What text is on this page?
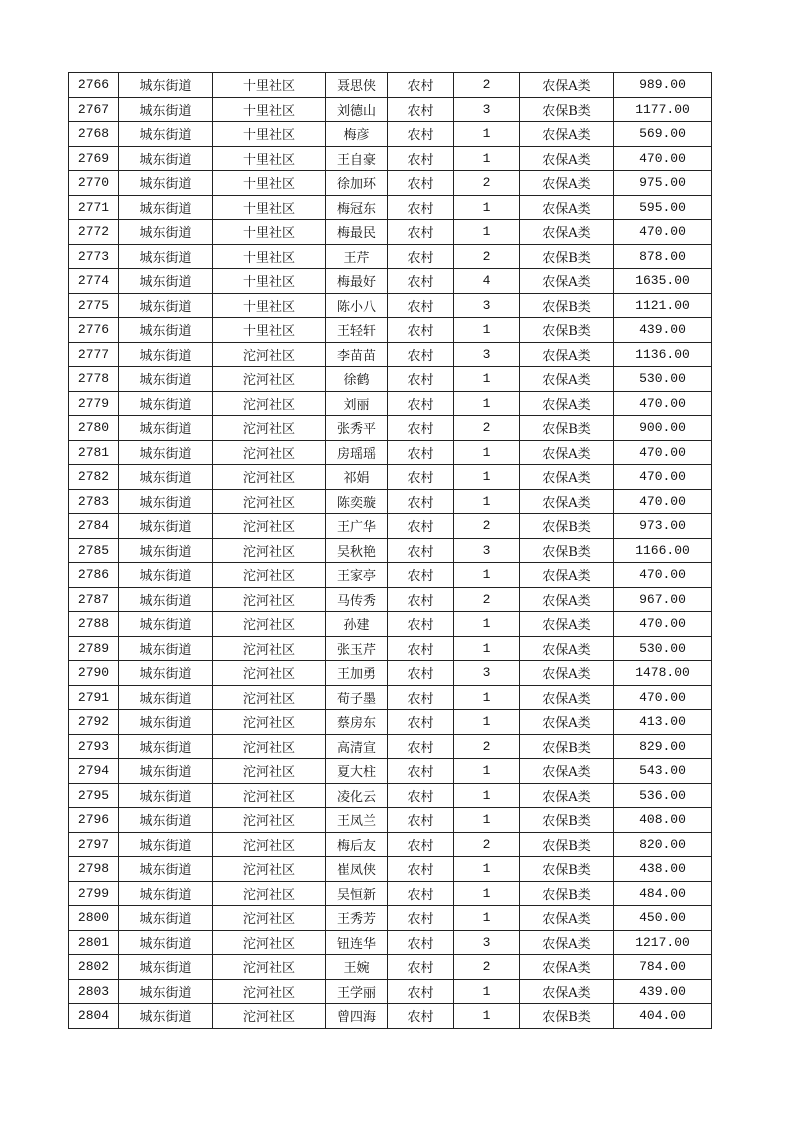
2766	城东街道	十里社区	聂思侠	农村	2	农保A类	989.00
2767	城东街道	十里社区	刘德山	农村	3	农保B类	1177.00
2768	城东街道	十里社区	梅彦	农村	1	农保A类	569.00
2769	城东街道	十里社区	王自豪	农村	1	农保A类	470.00
2770	城东街道	十里社区	徐加环	农村	2	农保A类	975.00
2771	城东街道	十里社区	梅冠东	农村	1	农保A类	595.00
2772	城东街道	十里社区	梅最民	农村	1	农保A类	470.00
2773	城东街道	十里社区	王芹	农村	2	农保B类	878.00
2774	城东街道	十里社区	梅最好	农村	4	农保A类	1635.00
2775	城东街道	十里社区	陈小八	农村	3	农保B类	1121.00
2776	城东街道	十里社区	王轻轩	农村	1	农保B类	439.00
2777	城东街道	沱河社区	李苗苗	农村	3	农保A类	1136.00
2778	城东街道	沱河社区	徐鹤	农村	1	农保A类	530.00
2779	城东街道	沱河社区	刘丽	农村	1	农保A类	470.00
2780	城东街道	沱河社区	张秀平	农村	2	农保B类	900.00
2781	城东街道	沱河社区	房瑶瑶	农村	1	农保A类	470.00
2782	城东街道	沱河社区	祁娟	农村	1	农保A类	470.00
2783	城东街道	沱河社区	陈奕璇	农村	1	农保A类	470.00
2784	城东街道	沱河社区	王广华	农村	2	农保B类	973.00
2785	城东街道	沱河社区	吴秋艳	农村	3	农保B类	1166.00
2786	城东街道	沱河社区	王家亭	农村	1	农保A类	470.00
2787	城东街道	沱河社区	马传秀	农村	2	农保A类	967.00
2788	城东街道	沱河社区	孙建	农村	1	农保A类	470.00
2789	城东街道	沱河社区	张玉芹	农村	1	农保A类	530.00
2790	城东街道	沱河社区	王加勇	农村	3	农保A类	1478.00
2791	城东街道	沱河社区	荀子墨	农村	1	农保A类	470.00
2792	城东街道	沱河社区	蔡房东	农村	1	农保A类	413.00
2793	城东街道	沱河社区	高清宣	农村	2	农保B类	829.00
2794	城东街道	沱河社区	夏大柱	农村	1	农保A类	543.00
2795	城东街道	沱河社区	凌化云	农村	1	农保A类	536.00
2796	城东街道	沱河社区	王凤兰	农村	1	农保B类	408.00
2797	城东街道	沱河社区	梅后友	农村	2	农保B类	820.00
2798	城东街道	沱河社区	崔凤侠	农村	1	农保B类	438.00
2799	城东街道	沱河社区	吴恒新	农村	1	农保B类	484.00
2800	城东街道	沱河社区	王秀芳	农村	1	农保A类	450.00
2801	城东街道	沱河社区	钮连华	农村	3	农保A类	1217.00
2802	城东街道	沱河社区	王婉	农村	2	农保A类	784.00
2803	城东街道	沱河社区	王学丽	农村	1	农保A类	439.00
2804	城东街道	沱河社区	曾四海	农村	1	农保B类	404.00
